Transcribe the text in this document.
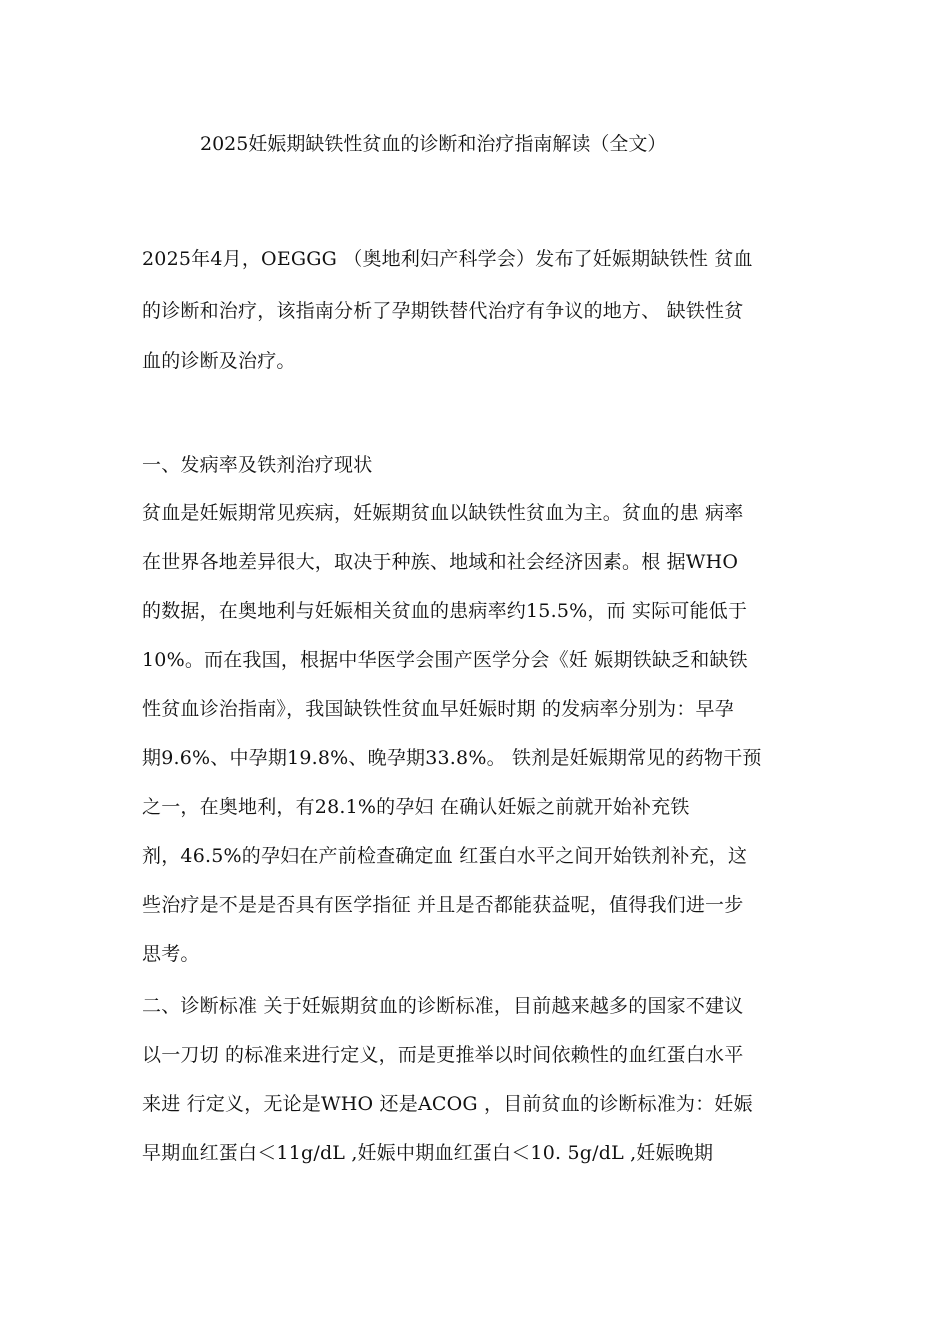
2025妊娠期缺铁性贫血的诊断和治疗指南解读（全文）
2025年4月，OEGGG （奥地利妇产科学会）发布了妊娠期缺铁性 贫血
的诊断和治疗，该指南分析了孕期铁替代治疗有争议的地方、 缺铁性贫
血的诊断及治疗。
一、发病率及铁剂治疗现状
贫血是妊娠期常见疾病，妊娠期贫血以缺铁性贫血为主。贫血的患 病率
在世界各地差异很大，取决于种族、地域和社会经济因素。根 据WHO
的数据，在奥地利与妊娠相关贫血的患病率约15.5%，而 实际可能低于
10%。而在我国，根据中华医学会围产医学分会《妊 娠期铁缺乏和缺铁
性贫血诊治指南》，我国缺铁性贫血早妊娠时期 的发病率分别为：早孕
期9.6%、中孕期19.8%、晚孕期33.8%。 铁剂是妊娠期常见的药物干预
之一，在奥地利，有28.1%的孕妇 在确认妊娠之前就开始补充铁
剂，46.5%的孕妇在产前检查确定血 红蛋白水平之间开始铁剂补充，这
些治疗是不是是否具有医学指征 并且是否都能获益呢，值得我们进一步
思考。
二、诊断标准 关于妊娠期贫血的诊断标准，目前越来越多的国家不建议
以一刀切 的标准来进行定义，而是更推举以时间依赖性的血红蛋白水平
来进 行定义，无论是WHO 还是ACOG ，目前贫血的诊断标准为：妊娠
早期血红蛋白＜11g/dL ,妊娠中期血红蛋白＜10. 5g/dL ,妊娠晚期
